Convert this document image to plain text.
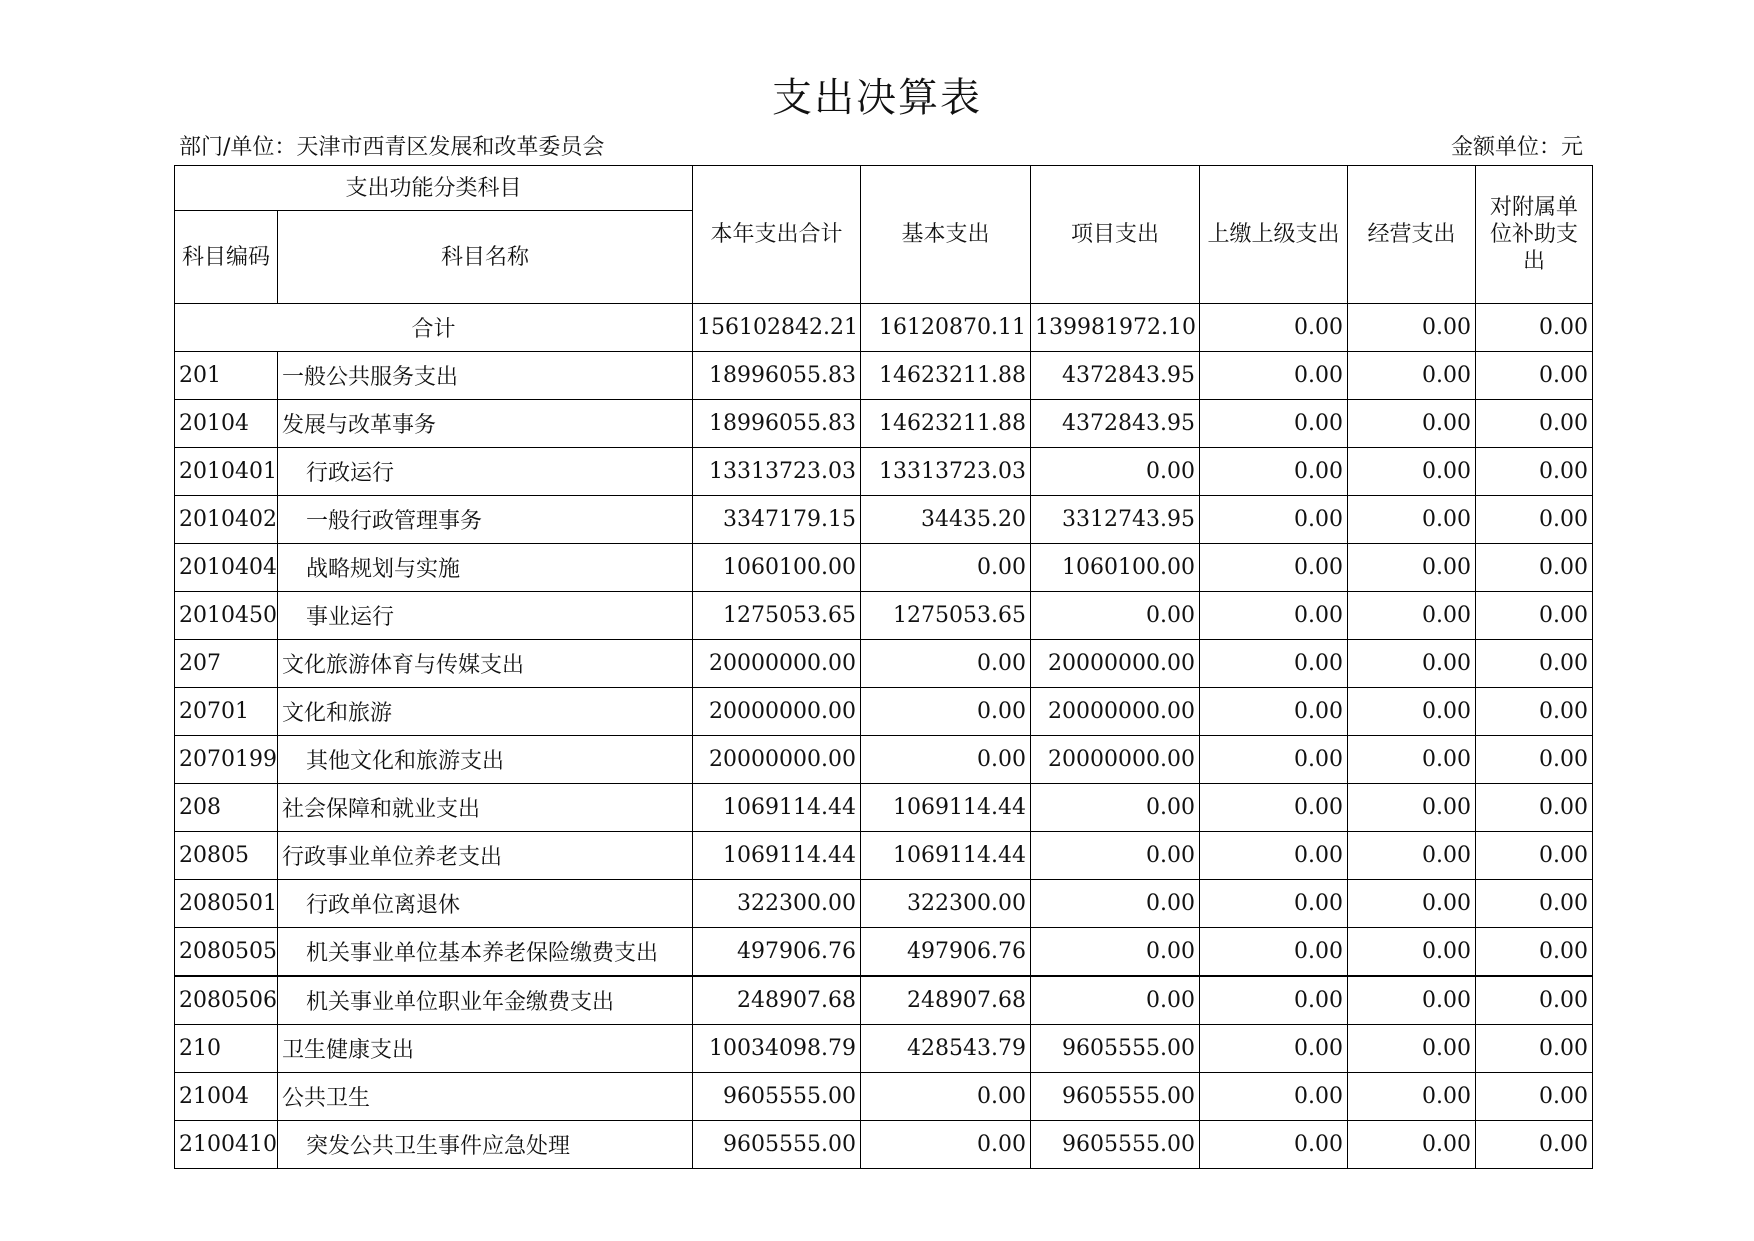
支出决算表
部门/单位：天津市西青区发展和改革委员会	金额单位：元
支出功能分类科目		本年支出合计	基本支出	项目支出	上缴上级支出	经营支出	对附属单位补助支出
科目编码	科目名称						
合计		156102842.21	16120870.11	139981972.10	0.00	0.00	0.00
201	一般公共服务支出	18996055.83	14623211.88	4372843.95	0.00	0.00	0.00
20104	发展与改革事务	18996055.83	14623211.88	4372843.95	0.00	0.00	0.00
2010401	行政运行	13313723.03	13313723.03	0.00	0.00	0.00	0.00
2010402	一般行政管理事务	3347179.15	34435.20	3312743.95	0.00	0.00	0.00
2010404	战略规划与实施	1060100.00	0.00	1060100.00	0.00	0.00	0.00
2010450	事业运行	1275053.65	1275053.65	0.00	0.00	0.00	0.00
207	文化旅游体育与传媒支出	20000000.00	0.00	20000000.00	0.00	0.00	0.00
20701	文化和旅游	20000000.00	0.00	20000000.00	0.00	0.00	0.00
2070199	其他文化和旅游支出	20000000.00	0.00	20000000.00	0.00	0.00	0.00
208	社会保障和就业支出	1069114.44	1069114.44	0.00	0.00	0.00	0.00
20805	行政事业单位养老支出	1069114.44	1069114.44	0.00	0.00	0.00	0.00
2080501	行政单位离退休	322300.00	322300.00	0.00	0.00	0.00	0.00
2080505	机关事业单位基本养老保险缴费支出	497906.76	497906.76	0.00	0.00	0.00	0.00
2080506	机关事业单位职业年金缴费支出	248907.68	248907.68	0.00	0.00	0.00	0.00
210	卫生健康支出	10034098.79	428543.79	9605555.00	0.00	0.00	0.00
21004	公共卫生	9605555.00	0.00	9605555.00	0.00	0.00	0.00
2100410	突发公共卫生事件应急处理	9605555.00	0.00	9605555.00	0.00	0.00	0.00
